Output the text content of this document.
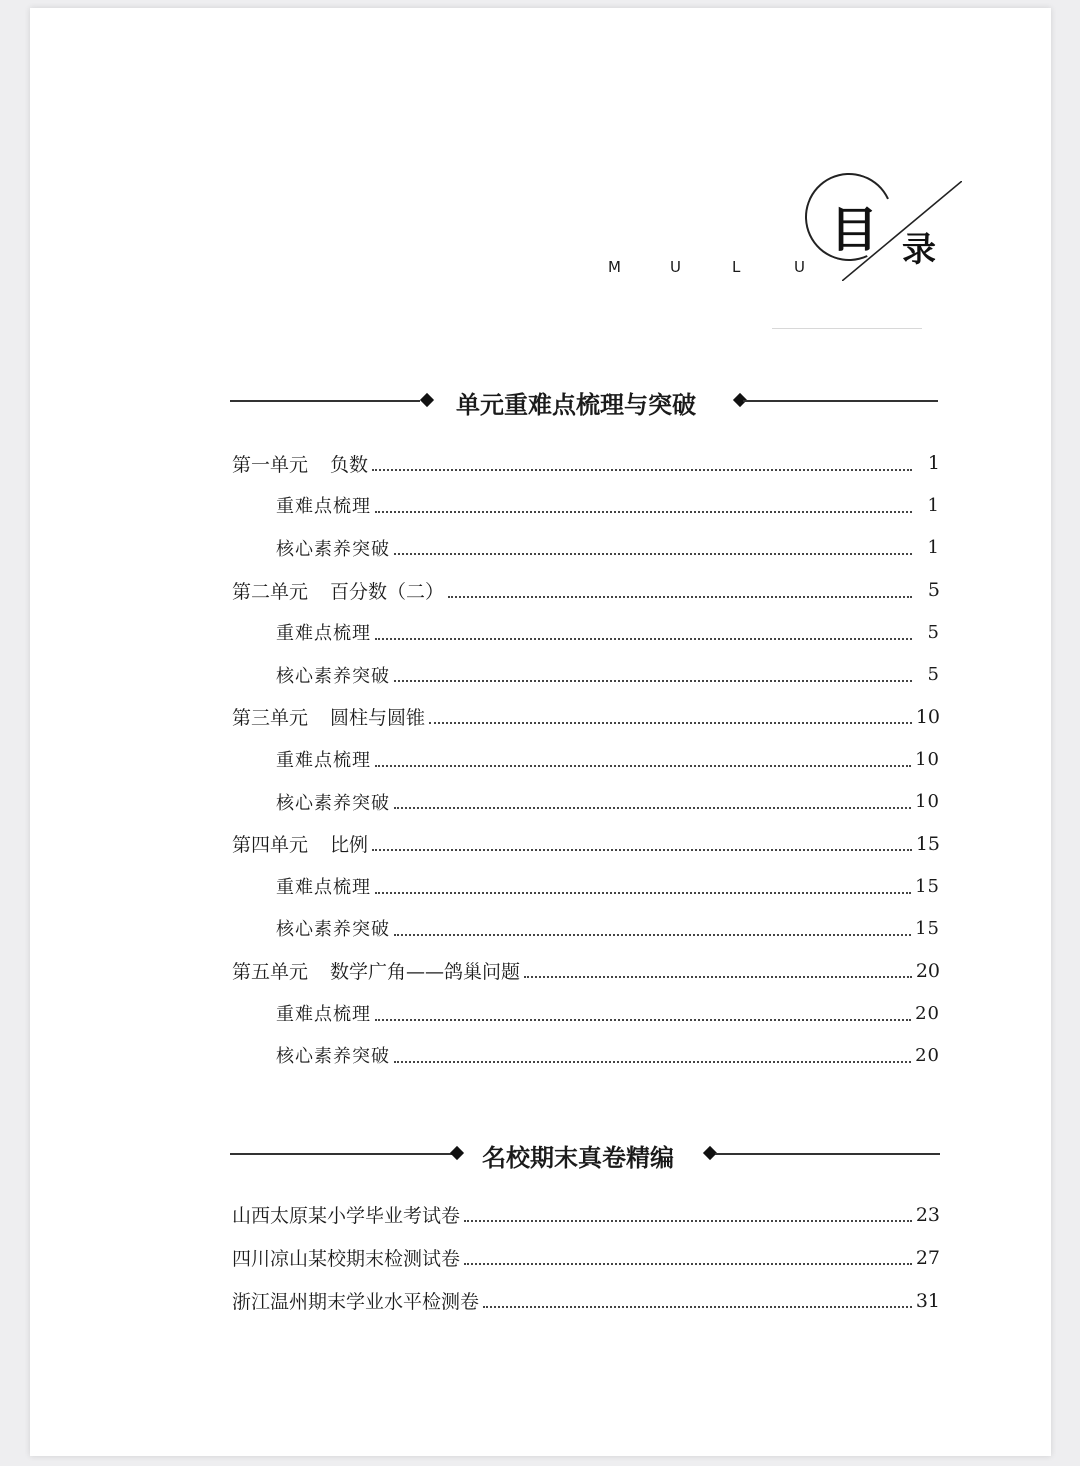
目 录
M	U	L	U
单元重难点梳理与突破
第一单元 负数	1
重难点梳理	1
核心素养突破	1
第二单元 百分数（二）	5
重难点梳理	5
核心素养突破	5
第三单元 圆柱与圆锥	10
重难点梳理	10
核心素养突破	10
第四单元 比例	15
重难点梳理	15
核心素养突破	15
第五单元 数学广角——鸽巢问题	20
重难点梳理	20
核心素养突破	20
名校期末真卷精编
山西太原某小学毕业考试卷	23
四川凉山某校期末检测试卷	27
浙江温州期末学业水平检测卷	31
